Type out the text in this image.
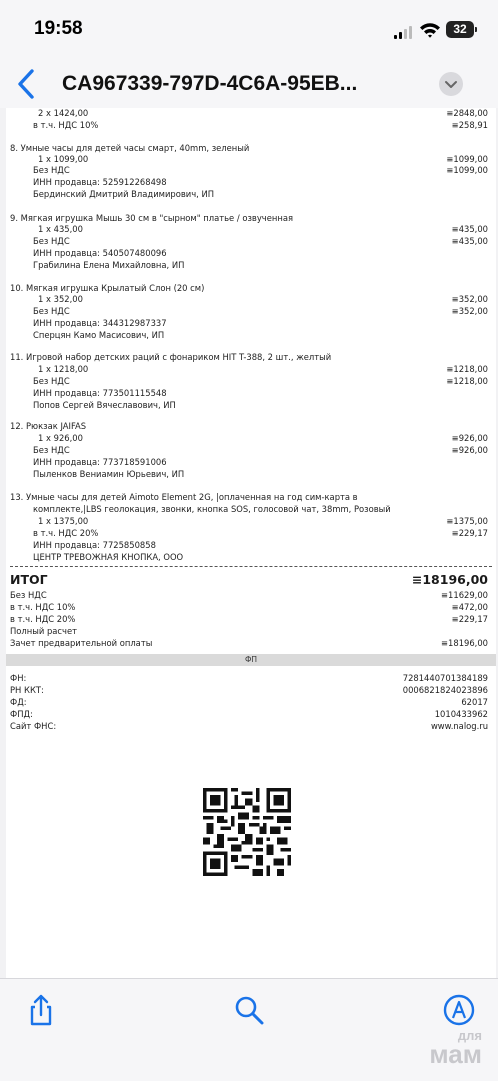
19:58	32
CA967339-797D-4C6A-95EB...
2 x 1424,00	≡2848,00
в т.ч. НДС 10%	≡258,91
8. Умные часы для детей часы смарт, 40mm, зеленый
1 x 1099,00	≡1099,00
Без НДС	≡1099,00
ИНН продавца: 525912268498
Бердинский Дмитрий Владимирович, ИП
9. Мягкая игрушка Мышь 30 см в "сырном" платье / озвученная
1 x 435,00	≡435,00
Без НДС	≡435,00
ИНН продавца: 540507480096
Грабилина Елена Михайловна, ИП
10. Мягкая игрушка Крылатый Слон (20 см)
1 x 352,00	≡352,00
Без НДС	≡352,00
ИНН продавца: 344312987337
Сперцян Камо Масисович, ИП
11. Игровой набор детских раций с фонариком HIT T-388, 2 шт., желтый
1 x 1218,00	≡1218,00
Без НДС	≡1218,00
ИНН продавца: 773501115548
Попов Сергей Вячеславович, ИП
12. Рюкзак JAIFAS
1 x 926,00	≡926,00
Без НДС	≡926,00
ИНН продавца: 773718591006
Пыленков Вениамин Юрьевич, ИП
13. Умные часы для детей Aimoto Element 2G, |оплаченная на год сим-карта в
комплекте,|LBS геолокация, звонки, кнопка SOS, голосовой чат, 38mm, Розовый
1 x 1375,00	≡1375,00
в т.ч. НДС 20%	≡229,17
ИНН продавца: 7725850858
ЦЕНТР ТРЕВОЖНАЯ КНОПКА, ООО
ИТОГ	≡18196,00
Без НДС	≡11629,00
в т.ч. НДС 10%	≡472,00
в т.ч. НДС 20%	≡229,17
Полный расчет
Зачет предварительной оплаты	≡18196,00
ФП
ФН:	7281440701384189
РН ККТ:	0006821824023896
ФД:	62017
ФПД:	1010433962
Сайт ФНС:	www.nalog.ru
для
мам
